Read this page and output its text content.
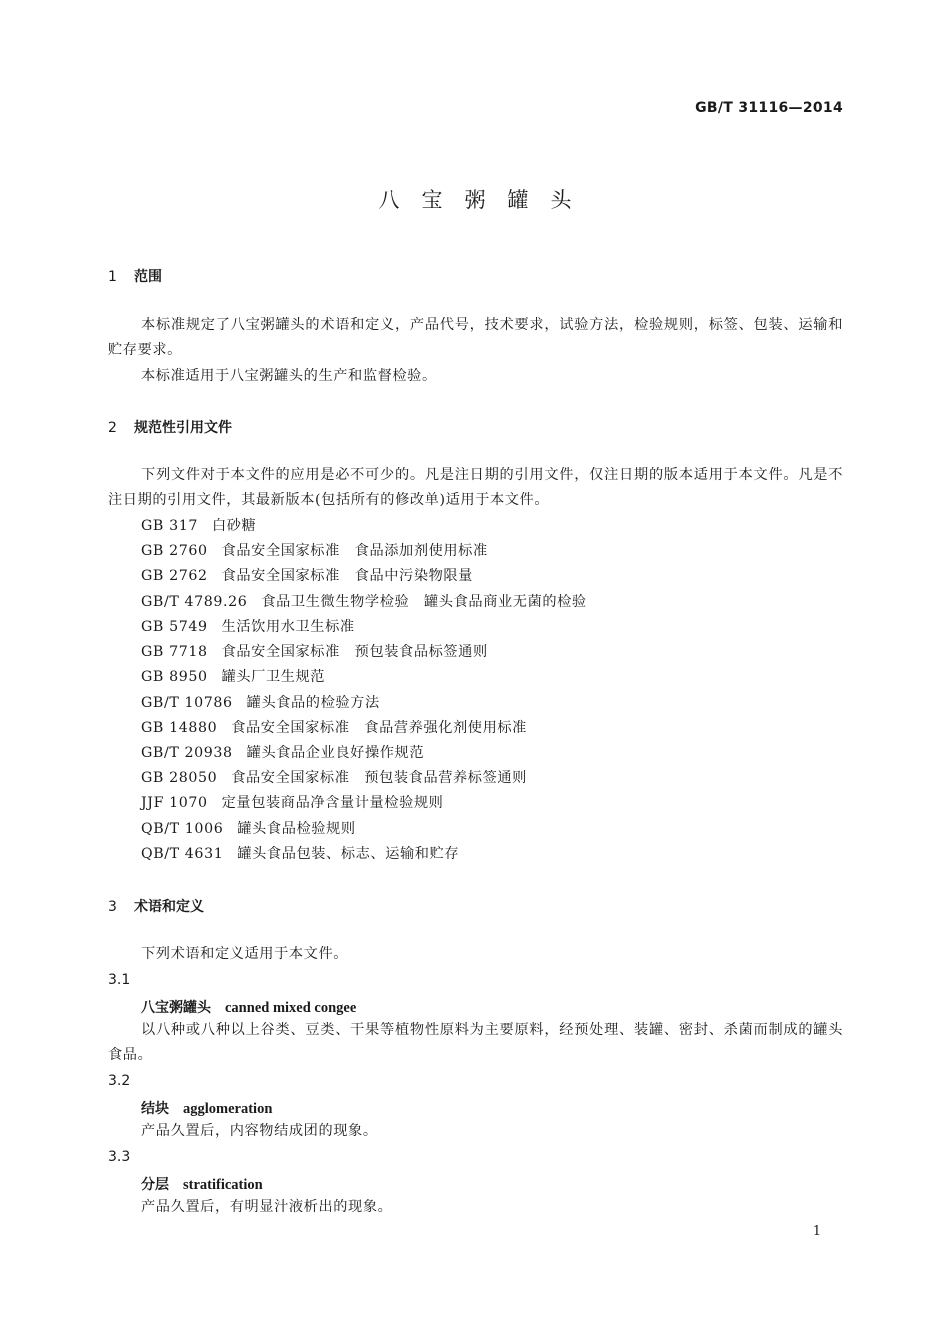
GB/T 31116—2014
八宝粥罐头
1 范围
本标准规定了八宝粥罐头的术语和定义，产品代号，技术要求，试验方法，检验规则，标签、包装、运输和贮存要求。
本标准适用于八宝粥罐头的生产和监督检验。
2 规范性引用文件
下列文件对于本文件的应用是必不可少的。凡是注日期的引用文件，仅注日期的版本适用于本文件。凡是不注日期的引用文件，其最新版本(包括所有的修改单)适用于本文件。
GB 317 白砂糖
GB 2760 食品安全国家标准　食品添加剂使用标准
GB 2762 食品安全国家标准　食品中污染物限量
GB/T 4789.26 食品卫生微生物学检验　罐头食品商业无菌的检验
GB 5749 生活饮用水卫生标准
GB 7718 食品安全国家标准　预包装食品标签通则
GB 8950 罐头厂卫生规范
GB/T 10786 罐头食品的检验方法
GB 14880 食品安全国家标准　食品营养强化剂使用标准
GB/T 20938 罐头食品企业良好操作规范
GB 28050 食品安全国家标准　预包装食品营养标签通则
JJF 1070 定量包装商品净含量计量检验规则
QB/T 1006 罐头食品检验规则
QB/T 4631 罐头食品包装、标志、运输和贮存
3 术语和定义
下列术语和定义适用于本文件。
3.1
八宝粥罐头 canned mixed congee
以八种或八种以上谷类、豆类、干果等植物性原料为主要原料，经预处理、装罐、密封、杀菌而制成的罐头食品。
3.2
结块 agglomeration
产品久置后，内容物结成团的现象。
3.3
分层 stratification
产品久置后，有明显汁液析出的现象。
1
